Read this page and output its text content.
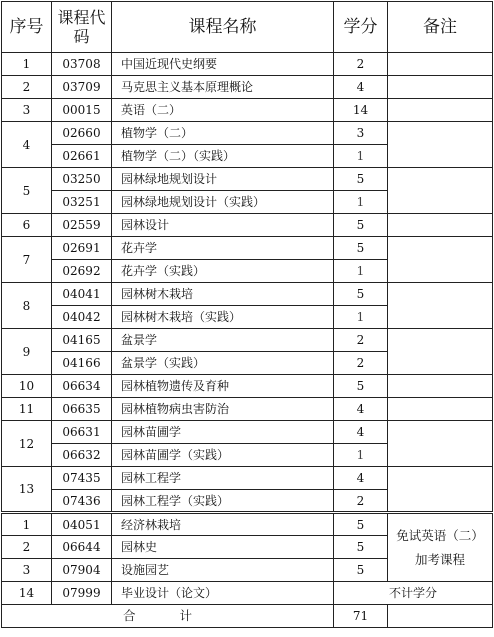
序号	课程代码	课程名称	学分	备注
1	03708	中国近现代史纲要	2	
2	03709	马克思主义基本原理概论	4	
3	00015	英语（二）	14	
4	02660	植物学（二）	3	
	02661	植物学（二）（实践）	1	
5	03250	园林绿地规划设计	5	
	03251	园林绿地规划设计（实践）	1	
6	02559	园林设计	5	
7	02691	花卉学	5	
	02692	花卉学（实践）	1	
8	04041	园林树木栽培	5	
	04042	园林树木栽培（实践）	1	
9	04165	盆景学	2	
	04166	盆景学（实践）	2	
10	06634	园林植物遗传及育种	5	
11	06635	园林植物病虫害防治	4	
12	06631	园林苗圃学	4	
	06632	园林苗圃学（实践）	1	
13	07435	园林工程学	4	
	07436	园林工程学（实践）	2	
1	04051	经济林栽培	5	免试英语（二）加考课程
2	06644	园林史	5	
3	07904	设施园艺	5	
14	07999	毕业设计（论文）	不计学分	
合 计			71	
